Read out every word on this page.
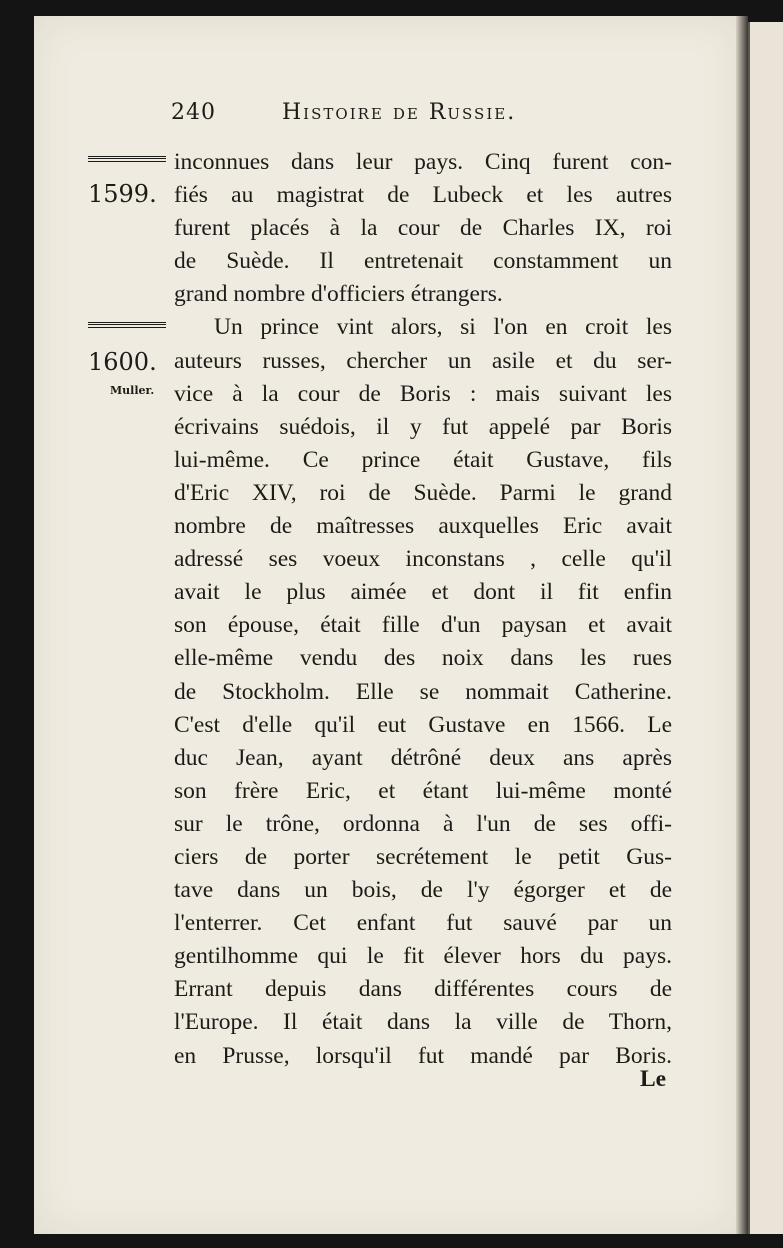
240	Histoire de Russie.
1599.
1600.
Muller.
inconnues dans leur pays. Cinq furent con-
fiés au magistrat de Lubeck et les autres
furent placés à la cour de Charles IX, roi
de Suède. Il entretenait constamment un
grand nombre d'officiers étrangers.
Un prince vint alors, si l'on en croit les
auteurs russes, chercher un asile et du ser-
vice à la cour de Boris : mais suivant les
écrivains suédois, il y fut appelé par Boris
lui-même. Ce prince était Gustave, fils
d'Eric XIV, roi de Suède. Parmi le grand
nombre de maîtresses auxquelles Eric avait
adressé ses voeux inconstans , celle qu'il
avait le plus aimée et dont il fit enfin
son épouse, était fille d'un paysan et avait
elle-même vendu des noix dans les rues
de Stockholm. Elle se nommait Catherine.
C'est d'elle qu'il eut Gustave en 1566. Le
duc Jean, ayant détrôné deux ans après
son frère Eric, et étant lui-même monté
sur le trône, ordonna à l'un de ses offi-
ciers de porter secrétement le petit Gus-
tave dans un bois, de l'y égorger et de
l'enterrer. Cet enfant fut sauvé par un
gentilhomme qui le fit élever hors du pays.
Errant depuis dans différentes cours de
l'Europe. Il était dans la ville de Thorn,
en Prusse, lorsqu'il fut mandé par Boris.
Le
